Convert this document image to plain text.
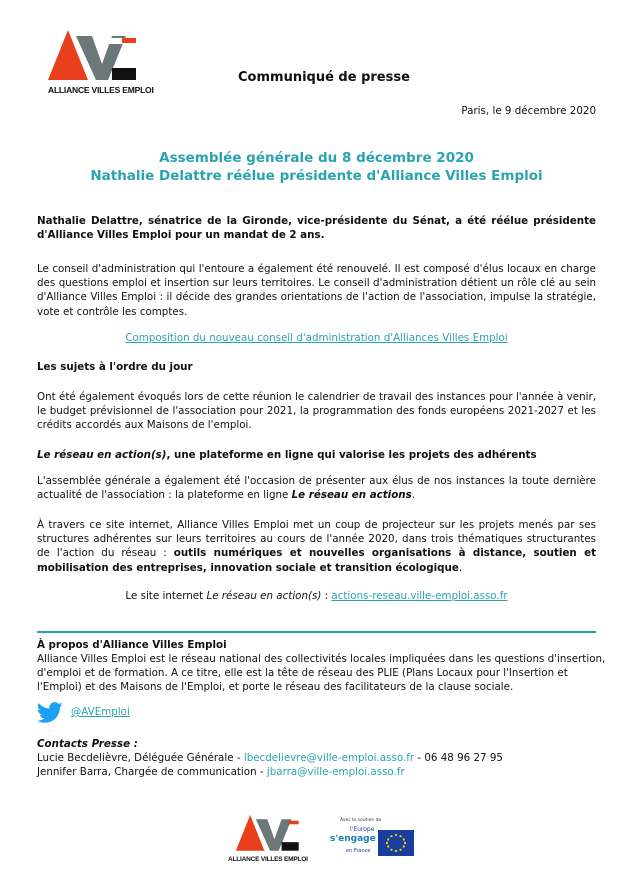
ALLIANCE VILLES EMPLOI
Communiqué de presse
Paris, le 9 décembre 2020
Assemblée générale du 8 décembre 2020
Nathalie Delattre réélue présidente d'Alliance Villes Emploi
Nathalie Delattre, sénatrice de la Gironde, vice-présidente du Sénat, a été réélue présidente d'Alliance Villes Emploi pour un mandat de 2 ans.
Le conseil d'administration qui l'entoure a également été renouvelé. Il est composé d'élus locaux en charge des questions emploi et insertion sur leurs territoires. Le conseil d'administration détient un rôle clé au sein d'Alliance Villes Emploi : il décide des grandes orientations de l'action de l'association, impulse la stratégie, vote et contrôle les comptes.
Composition du nouveau conseil d'administration d'Alliances Villes Emploi
Les sujets à l'ordre du jour
Ont été également évoqués lors de cette réunion le calendrier de travail des instances pour l'année à venir, le budget prévisionnel de l'association pour 2021, la programmation des fonds européens 2021-2027 et les crédits accordés aux Maisons de l'emploi.
Le réseau en action(s), une plateforme en ligne qui valorise les projets des adhérents
L'assemblée générale a également été l'occasion de présenter aux élus de nos instances la toute dernière actualité de l'association : la plateforme en ligne Le réseau en actions.
À travers ce site internet, Alliance Villes Emploi met un coup de projecteur sur les projets menés par ses structures adhérentes sur leurs territoires au cours de l'année 2020, dans trois thématiques structurantes de l'action du réseau : outils numériques et nouvelles organisations à distance, soutien et mobilisation des entreprises, innovation sociale et transition écologique.
Le site internet Le réseau en action(s) : actions-reseau.ville-emploi.asso.fr
À propos d'Alliance Villes Emploi
Alliance Villes Emploi est le réseau national des collectivités locales impliquées dans les questions d'insertion,
d'emploi et de formation. A ce titre, elle est la tête de réseau des PLIE (Plans Locaux pour l'Insertion et
l'Emploi) et des Maisons de l'Emploi, et porte le réseau des facilitateurs de la clause sociale.
@AVEmploi
Contacts Presse :
Lucie Becdelièvre, Déléguée Générale - lbecdelievre@ville-emploi.asso.fr - 06 48 96 27 95
Jennifer Barra, Chargée de communication - jbarra@ville-emploi.asso.fr
ALLIANCE VILLES EMPLOI
Avec le soutien de
l'Europe
s'engage
en France
